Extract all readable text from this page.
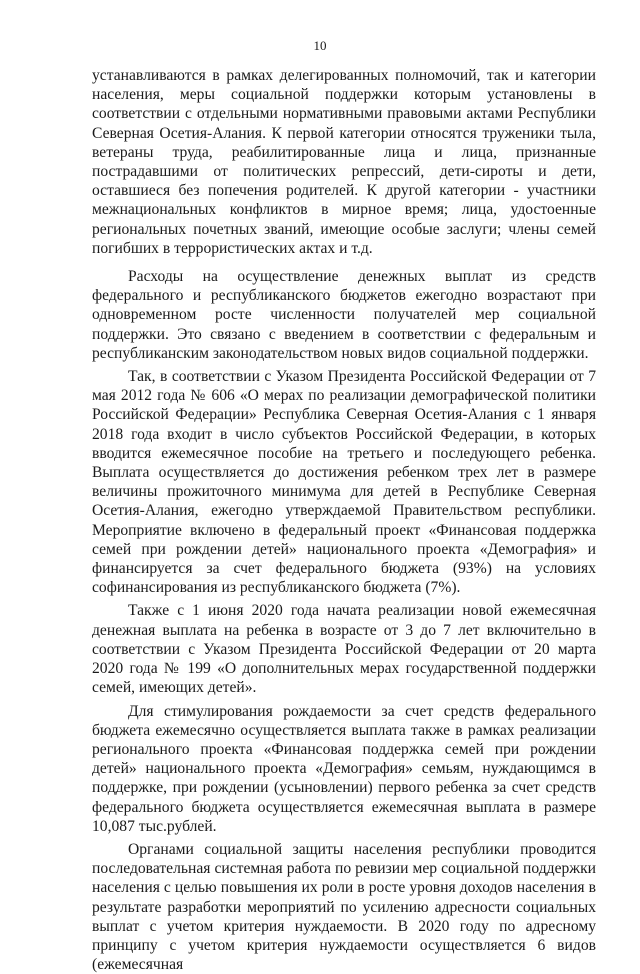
10

устанавливаются в рамках делегированных полномочий, так и категории населения, меры социальной поддержки которым установлены в соответствии с отдельными нормативными правовыми актами Республики Северная Осетия-Алания. К первой категории относятся труженики тыла, ветераны труда, реабилитированные лица и лица, признанные пострадавшими от политических репрессий, дети-сироты и дети, оставшиеся без попечения родителей. К другой категории - участники межнациональных конфликтов в мирное время; лица, удостоенные региональных почетных званий, имеющие особые заслуги; члены семей погибших в террористических актах и т.д.

Расходы на осуществление денежных выплат из средств федерального и республиканского бюджетов ежегодно возрастают при одновременном росте численности получателей мер социальной поддержки. Это связано с введением в соответствии с федеральным и республиканским законодательством новых видов социальной поддержки.

Так, в соответствии с Указом Президента Российской Федерации от 7 мая 2012 года № 606 «О мерах по реализации демографической политики Российской Федерации» Республика Северная Осетия-Алания с 1 января 2018 года входит в число субъектов Российской Федерации, в которых вводится ежемесячное пособие на третьего и последующего ребенка. Выплата осуществляется до достижения ребенком трех лет в размере величины прожиточного минимума для детей в Республике Северная Осетия-Алания, ежегодно утверждаемой Правительством республики. Мероприятие включено в федеральный проект «Финансовая поддержка семей при рождении детей» национального проекта «Демография» и финансируется за счет федерального бюджета (93%) на условиях софинансирования из республиканского бюджета (7%).

Также с 1 июня 2020 года начата реализации новой ежемесячная денежная выплата на ребенка в возрасте от 3 до 7 лет включительно в соответствии с Указом Президента Российской Федерации от 20 марта 2020 года № 199 «О дополнительных мерах государственной поддержки семей, имеющих детей».

Для стимулирования рождаемости за счет средств федерального бюджета ежемесячно осуществляется выплата также в рамках реализации регионального проекта «Финансовая поддержка семей при рождении детей» национального проекта «Демография» семьям, нуждающимся в поддержке, при рождении (усыновлении) первого ребенка за счет средств федерального бюджета осуществляется ежемесячная выплата в размере 10,087 тыс.рублей.

Органами социальной защиты населения республики проводится последовательная системная работа по ревизии мер социальной поддержки населения с целью повышения их роли в росте уровня доходов населения в результате разработки мероприятий по усилению адресности социальных выплат с учетом критерия нуждаемости. В 2020 году по адресному принципу с учетом критерия нуждаемости осуществляется 6 видов (ежемесячная
